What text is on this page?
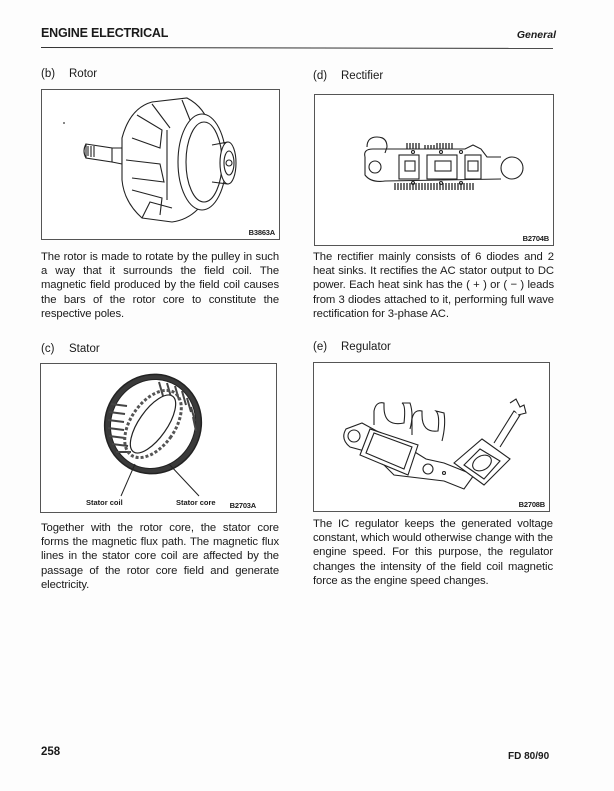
ENGINE ELECTRICAL	General
(b) Rotor
B3863A
The rotor is made to rotate by the pulley in such a way that it surrounds the field coil. The magnetic field produced by the field coil causes the bars of the rotor core to constitute the respective poles.
(d) Rectifier
B2704B
The rectifier mainly consists of 6 diodes and 2 heat sinks. It rectifies the AC stator output to DC power. Each heat sink has the ( + ) or ( − ) leads from 3 diodes attached to it, performing full wave rectification for 3-phase AC.
(c) Stator
Stator coil	Stator core B2703A
Together with the rotor core, the stator core forms the magnetic flux path. The magnetic flux lines in the stator core coil are affected by the passage of the rotor core field and generate electricity.
(e) Regulator
B2708B
The IC regulator keeps the generated voltage constant, which would otherwise change with the engine speed. For this purpose, the regulator changes the intensity of the field coil magnetic force as the engine speed changes.
258	FD 80/90
